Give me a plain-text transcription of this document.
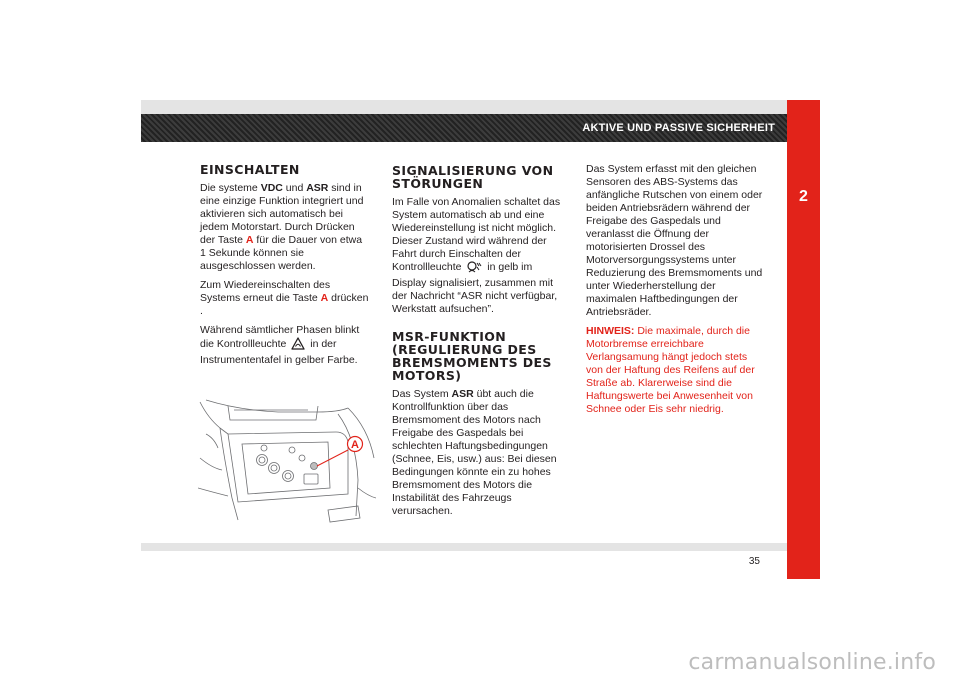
AKTIVE UND PASSIVE SICHERHEIT
2
EINSCHALTEN

Die systeme VDC und ASR sind in eine einzige Funktion integriert und aktivieren sich automatisch bei jedem Motorstart. Durch Drücken der Taste A für die Dauer von etwa 1 Sekunde können sie ausgeschlossen werden.

Zum Wiedereinschalten des Systems erneut die Taste A drücken .

Während sämtlicher Phasen blinkt die Kontrollleuchte  in der Instrumententafel in gelber Farbe.

A
SIGNALISIERUNG VON STÖRUNGEN

Im Falle von Anomalien schaltet das System automatisch ab und eine Wiedereinstellung ist nicht möglich. Dieser Zustand wird während der Fahrt durch Einschalten der Kontrollleuchte  in gelb im Display signalisiert, zusammen mit der Nachricht “ASR nicht verfügbar, Werkstatt aufsuchen”.

MSR-FUNKTION (REGULIERUNG DES BREMSMOMENTS DES MOTORS)

Das System ASR übt auch die Kontrollfunktion über das Bremsmoment des Motors nach Freigabe des Gaspedals bei schlechten Haftungsbedingungen (Schnee, Eis, usw.) aus: Bei diesen Bedingungen könnte ein zu hohes Bremsmoment des Motors die Instabilität des Fahrzeugs verursachen.

Das System erfasst mit den gleichen Sensoren des ABS-Systems das anfängliche Rutschen von einem oder beiden Antriebsrädern während der Freigabe des Gaspedals und veranlasst die Öffnung der motorisierten Drossel des Motorversorgungssystems unter Reduzierung des Bremsmoments und unter Wiederherstellung der maximalen Haftbedingungen der Antriebsräder.

HINWEIS: Die maximale, durch die Motorbremse erreichbare Verlangsamung hängt jedoch stets von der Haftung des Reifens auf der Straße ab. Klarerweise sind die Haftungswerte bei Anwesenheit von Schnee oder Eis sehr niedrig.

35
carmanualsonline.info
